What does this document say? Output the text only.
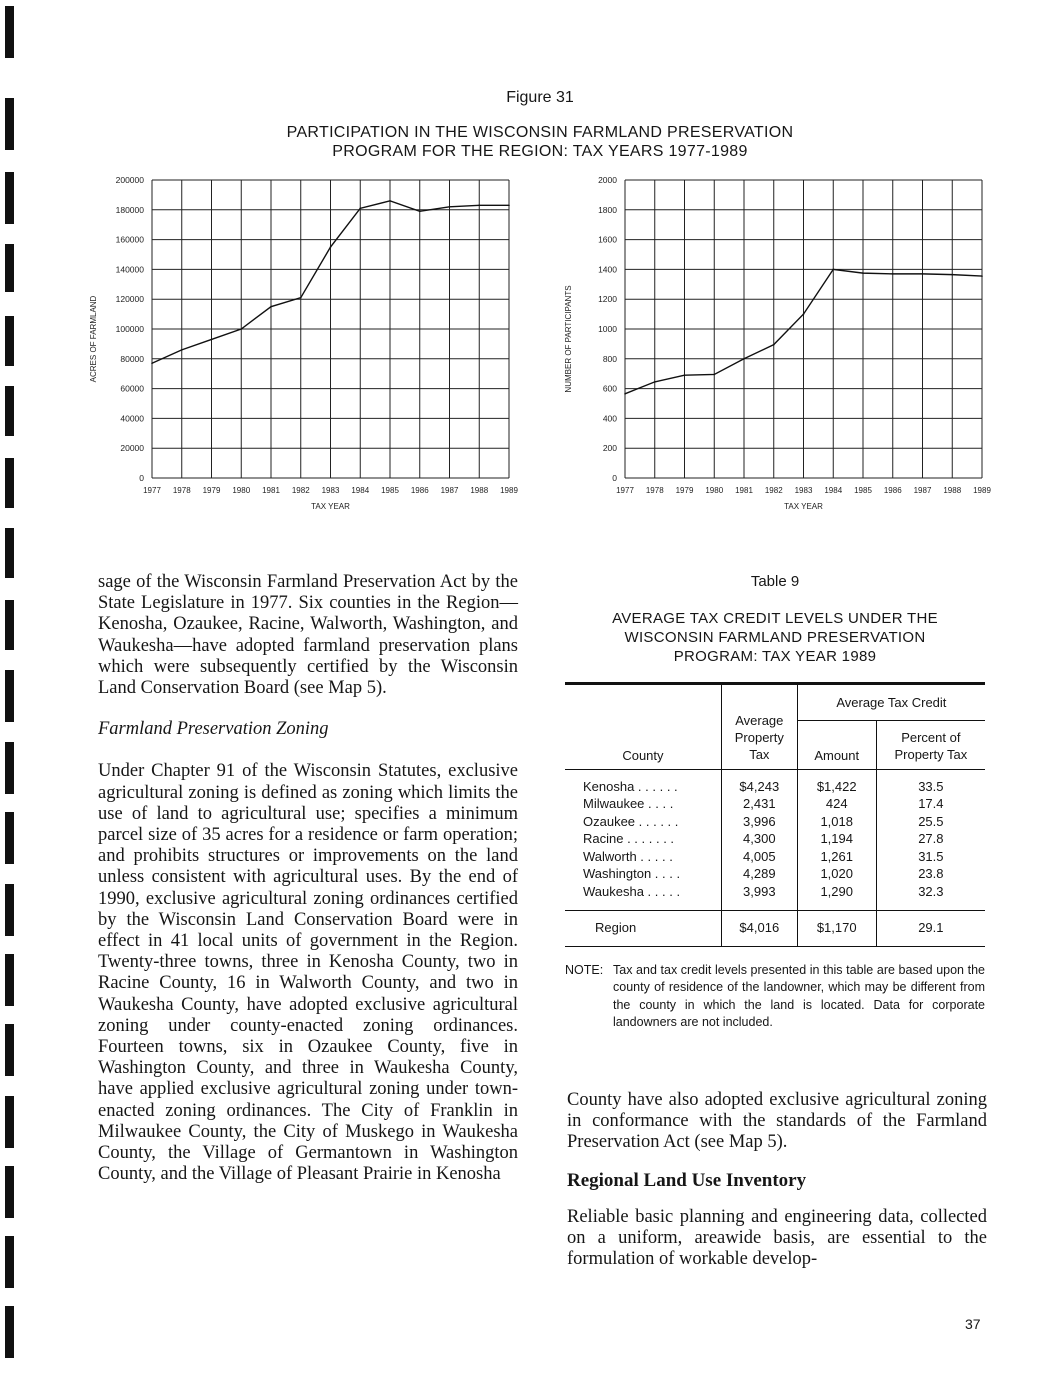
Figure 31
PARTICIPATION IN THE WISCONSIN FARMLAND PRESERVATION
PROGRAM FOR THE REGION: TAX YEARS 1977-1989
0
20000
40000
60000
80000
100000
120000
140000
160000
180000
200000
1977 1978 1979 1980 1981 1982 1983 1984 1985 1986 1987 1988 1989
TAX YEAR
ACRES OF FARMLAND
0
200
400
600
800
1000
1200
1400
1600
1800
2000
1977 1978 1979 1980 1981 1982 1983 1984 1985 1986 1987 1988 1989
TAX YEAR
NUMBER OF PARTICIPANTS

sage of the Wisconsin Farmland Preservation Act by the State Legislature in 1977. Six counties in the Region—Kenosha, Ozaukee, Racine, Walworth, Washington, and Waukesha—have adopted farmland preservation plans which were subsequently certified by the Wisconsin Land Conservation Board (see Map 5).

Farmland Preservation Zoning

Under Chapter 91 of the Wisconsin Statutes, exclusive agricultural zoning is defined as zoning which limits the use of land to agricultural use; specifies a minimum parcel size of 35 acres for a residence or farm operation; and prohibits structures or improvements on the land unless consistent with agricultural uses. By the end of 1990, exclusive agricultural zoning ordinances certified by the Wisconsin Land Conservation Board were in effect in 41 local units of government in the Region. Twenty-three towns, three in Kenosha County, two in Racine County, 16 in Walworth County, and two in Waukesha County, have adopted exclusive agricultural zoning under county-enacted zoning ordinances. Fourteen towns, six in Ozaukee County, five in Washington County, and three in Waukesha County, have applied exclusive agricultural zoning under town-enacted zoning ordinances. The City of Franklin in Milwaukee County, the City of Muskego in Waukesha County, the Village of Germantown in Washington County, and the Village of Pleasant Prairie in Kenosha

Table 9
AVERAGE TAX CREDIT LEVELS UNDER THE
WISCONSIN FARMLAND PRESERVATION
PROGRAM: TAX YEAR 1989
County	Average
Property
Tax	Average Tax Credit	
		Amount	Percent of
Property Tax

Kenosha . . . . . .	$4,243	$1,422	33.5
Milwaukee . . . .	2,431	424	17.4
Ozaukee . . . . . .	3,996	1,018	25.5
Racine . . . . . . .	4,300	1,194	27.8
Walworth . . . . .	4,005	1,261	31.5
Washington . . . .	4,289	1,020	23.8
Waukesha . . . . .	3,993	1,290	32.3

Region	$4,016	$1,170	29.1
NOTE: Tax and tax credit levels presented in this table are based upon the county of residence of the landowner, which may be different from the county in which the land is located. Data for corporate landowners are not included.

County have also adopted exclusive agricultural zoning in conformance with the standards of the Farmland Preservation Act (see Map 5).

Regional Land Use Inventory

Reliable basic planning and engineering data, collected on a uniform, areawide basis, are essential to the formulation of workable develop-

37
